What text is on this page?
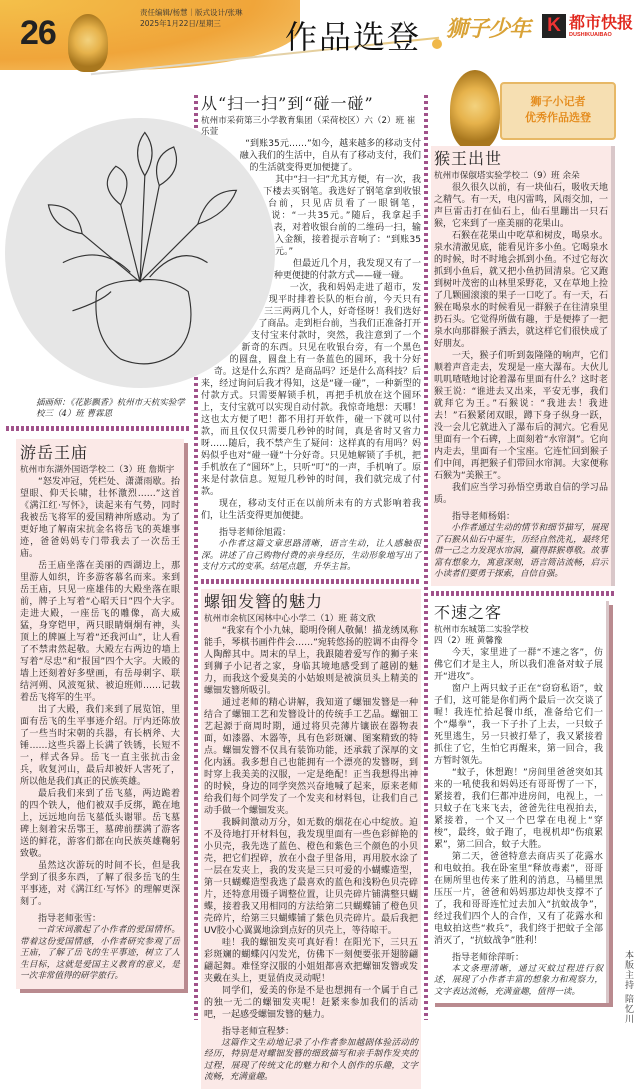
26
责任编辑/杨慧｜版式设计/张琳
2025年1月22日/星期三	作品选登 狮子少年 K 都市快报
DUSHIKUAIBAO
狮子小记者
优秀作品选登
插画师：《花影飘香》杭州市天杭实验学校三（4）班 曹霖恩
游岳王庙
杭州市东湖外国语学校二（3）班 詹斯宇

“怒发冲冠，凭栏处、潇潇雨歇。抬望眼、仰天长啸，壮怀激烈……”这首《满江红·写怀》，读起来有气势，同时我被岳飞将军的爱国精神所感动。为了更好地了解南宋抗金名将岳飞的英雄事迹，爸爸妈妈专门带我去了一次岳王庙。

岳王庙坐落在美丽的西湖边上，那里游人如织，许多游客慕名而来。来到岳王庙，只见一座雄伟的大殿坐落在眼前，牌子上写着“心昭天日”四个大字。走进大殿，一座岳飞的雕像，高大威猛，身穿铠甲，两只眼睛炯炯有神，头顶上的牌匾上写着“还我河山”，让人看了不禁肃然起敬。大殿左右两边的墙上写着“尽忠”和“报国”四个大字。大殿的墙上还刻着好多壁画，有岳母刺字、联结河朔、风波冤狱、被迫班师……记载着岳飞将军的生平。

出了大殿，我们来到了展览馆，里面有岳飞的生平事迹介绍。厅内还陈放了一些当时宋朝的兵器，有长柄斧、大锤……这些兵器上长满了铁锈，长短不一，样式各异。岳飞一直主张抗击金兵，收复河山，最后却被奸人害死了，所以他是我们真正的民族英雄。

最后我们来到了岳飞墓，两边跪着的四个铁人，他们被双手反绑，跪在地上，远远地向岳飞墓低头谢罪。岳飞墓碑上刻着宋岳鄂王，墓碑前摆满了游客送的鲜花，游客们都在向民族英雄鞠躬致敬。

虽然这次游玩的时间不长，但是我学到了很多东西，了解了很多岳飞的生平事迹，对《满江红·写怀》的理解更深刻了。

指导老师张雪：

一首宋词激起了小作者的爱国情怀。带着这份爱国情感，小作者研究参观了岳王庙，了解了岳飞的生平事迹，树立了人生目标，这就是爱国主义教育的意义，是一次非常值得的研学旅行。

从“扫一扫”到“碰一碰”
杭州市采荷第三小学教育集团（采荷校区）六（2）班 崔乐萱

“到账35元……”如今，越来越多的移动支付融入我们的生活中，自从有了移动支付，我们的生活就变得更加便捷了。

其中“扫一扫”尤其方便，有一次，我下楼去买钢笔。我选好了钢笔拿到收银台前，只见店员看了一眼钢笔，说：“一共35元。”随后，我拿起手表，对着收银台前的二维码一扫，输入金额，接着提示音响了：“到账35元。”

但最近几个月，我发现又有了一种更便捷的付款方式——碰一碰。

一次，我和妈妈走进了超市，发现平时排着长队的柜台前，今天只有三三两两几个人，好奇怪呀！我们选好了商品。走到柜台前，当我们正准备打开支付宝来付款时，突然，我注意到了一个新奇的东西。只见在收银台旁，有一个黑色的圆盘，圆盘上有一条蓝色的圆环，我十分好奇。这是什么东西？是商品吗？还是什么高科技？后来，经过询问后我才得知，这是“碰一碰”，一种新型的付款方式。只需要解锁手机，再把手机放在这个圆环上，支付宝就可以实现自动付款。我惊奇地想：天哪！这也太方便了吧！都不用打开软件，碰一下就可以付款，而且仅仅只需要几秒钟的时间，真是省时又省力呀……随后，我不禁产生了疑问：这样真的有用吗？妈妈似乎也对“碰一碰”十分好奇。只见她解锁了手机，把手机放在了“圆环”上，只听“叮”的一声，手机响了。原来是付款信息。短短几秒钟的时间，我们就完成了付款。

现在，移动支付正在以前所未有的方式影响着我们，让生活变得更加便捷。

指导老师徐旭霞：

小作者这篇文章思路清晰，语言生动，让人感触很深。讲述了自己购物付费的亲身经历，生动形象地写出了支付方式的变革。结尾点题，升华主旨。

螺钿发簪的魅力
杭州市余杭区闲林中心小学二（1）班 蒋文欣

“我家有个小九妹，聪明伶俐人敬佩！描龙绣凤称能手，琴棋书画件件会……”宛转悠扬的腔调不由得令人陶醉其中。周末的早上，我跟随着爱写作的狮子来到狮子小记者之家，身临其境地感受到了越剧的魅力，而我这个爱臭美的小姑娘则是被演员头上精美的螺钿发簪所吸引。

通过老师的精心讲解，我知道了螺钿发簪是一种结合了螺钿工艺和发簪设计的传统手工艺品。螺钿工艺起源于商周时期，通过将贝壳薄片镶嵌在器物表面，如漆器、木器等，具有色彩斑斓、图案精致的特点。螺钿发簪不仅具有装饰功能，还承载了深厚的文化内涵。我多想自己也能拥有一个漂亮的发簪呀，到时穿上我美美的汉服，一定是绝配！正当我想得出神的时候，身边的同学突然兴奋地喊了起来，原来老师给我们每个同学发了一个发夹和材料包，让我们自己动手做一个螺钿发夹。

我瞬间激动万分，如无数的烟花在心中绽放。迫不及待地打开材料包，我发现里面有一些色彩鲜艳的小贝壳，我先选了蓝色、橙色和紫色三个颜色的小贝壳，把它们捏碎，放在小盘子里备用，再用胶水涂了一层在发夹上，我的发夹是三只可爱的小蝴蝶造型，第一只蝴蝶造型我选了最喜欢的蓝色和浅粉色贝壳碎片，还特意用镊子调整位置，让贝壳碎片铺满整只蝴蝶，接着我又用相同的方法给第二只蝴蝶铺了橙色贝壳碎片，给第三只蝴蝶铺了紫色贝壳碎片。最后我把UV胶小心翼翼地涂到点好的贝壳上，等待晾干。

哇！我的螺钿发夹可真好看！在阳光下，三只五彩斑斓的蝴蝶闪闪发光，仿佛下一刻便要张开翅膀翩翩起舞。难怪穿汉服的小姐姐都喜欢把螺钿发簪或发夹戴在头上，更显俏皮灵动呢！

同学们，爱美的你是不是也想拥有一个属于自己的独一无二的螺钿发夹呢！赶紧来参加我们的活动吧，一起感受螺钿发簪的魅力。

指导老师宣程梦：

这篇作文生动地记录了小作者参加越剧体验活动的经历，特别是对螺钿发簪的细致描写和亲手制作发夹的过程，展现了传统文化的魅力和个人创作的乐趣，文字流畅，充满童趣。

猴王出世
杭州市保俶塔实验学校二（9）班 余朵

很久很久以前，有一块仙石，吸收天地之精气。有一天，电闪雷鸣，风雨交加，一声巨雷击打在仙石上，仙石里蹦出一只石猴，它来到了一座美丽的花果山。

石猴在花果山中吃草和树皮，喝泉水。泉水清澈见底，能看见许多小鱼。它喝泉水的时候，时不时地会抓到小鱼。不过它每次抓到小鱼后，就又把小鱼扔回清泉。它又跑到树叶茂密的山林里采野花，又在草地上捡了几颗圆滚滚的果子一口吃了。有一天，石猴在喝泉水的时候看见一群猴子在往清泉里扔石头。它觉得所做有趣，于是便捧了一把泉水向那群猴子洒去，就这样它们很快成了好朋友。

一天，猴子们听到轰隆隆的响声，它们顺着声音走去，发现是一座大瀑布。大伙儿叽叽喳喳地讨论着瀑布里面有什么？这时老猴王说：“谁进去又出来，平安无事，我们就拜它为王。”石猴说：“我进去！我进去！”石猴紧闭双眼，蹲下身子纵身一跃，没一会儿它就进入了瀑布后的洞穴。它看见里面有一个石碑，上面刻着“水帘洞”。它向内走去，里面有一个宝座。它连忙回到猴子们中间，再把猴子们带回水帘洞。大家便称石猴为“美猴王”。

我们应当学习孙悟空勇敢自信的学习品质。

指导老师杨娟：

小作者通过生动的情节和细节描写，展现了石猴从仙石中诞生，历经自然洗礼，最终凭借一己之力发现水帘洞，赢得群猴尊敬。故事富有想象力，寓意深刻，语言简洁流畅，启示小读者们要勇于探索，自信自强。

不速之客
杭州市东城第二实验学校
四（2）班 黄馨豫

今天，家里进了一群“不速之客”，仿佛它们才是主人，所以我们准备对蚊子展开“进攻”。

窗户上两只蚊子正在“窃窃私语”，蚊子们，这可能是你们两个最后一次交谈了喔！我连忙拾起餐巾纸，准备给它们一个“爆拳”，我一下子扑了上去，一只蚊子死里逃生，另一只被打晕了，我又紧接着抓住了它，生怕它再醒来，第一回合，我方暂时领先。

“蚊子，休想跑！”房间里爸爸突如其来的一吼使我和妈妈还有哥哥愣了一下，紧接着，我们仨都冲进房间，电视上，一只蚊子在飞来飞去，爸爸先往电视拍去，紧接着，一个又一个巴掌在电视上“穿梭”，最终，蚊子跑了，电视机却“伤痕累累”，第二回合，蚊子大胜。

第二天，爸爸特意去商店买了花露水和电蚊拍。我在卧室里“释放毒素”，哥哥在厕所里也传来了胜利的消息，马桶里黑压压一片，爸爸和妈妈那边却快支撑不了了，我和哥哥连忙过去加入“抗蚊战争”，经过我们四个人的合作，又有了花露水和电蚊拍这些“救兵”，我们终于把蚊子全部消灭了，“抗蚊战争”胜利！

指导老师徐萍昕：

本文条理清晰，通过灭蚊过程进行叙述，展现了小作者丰富的想象力和观察力，文字表达流畅，充满童趣，值得一读。	本版主持 陪忆川
